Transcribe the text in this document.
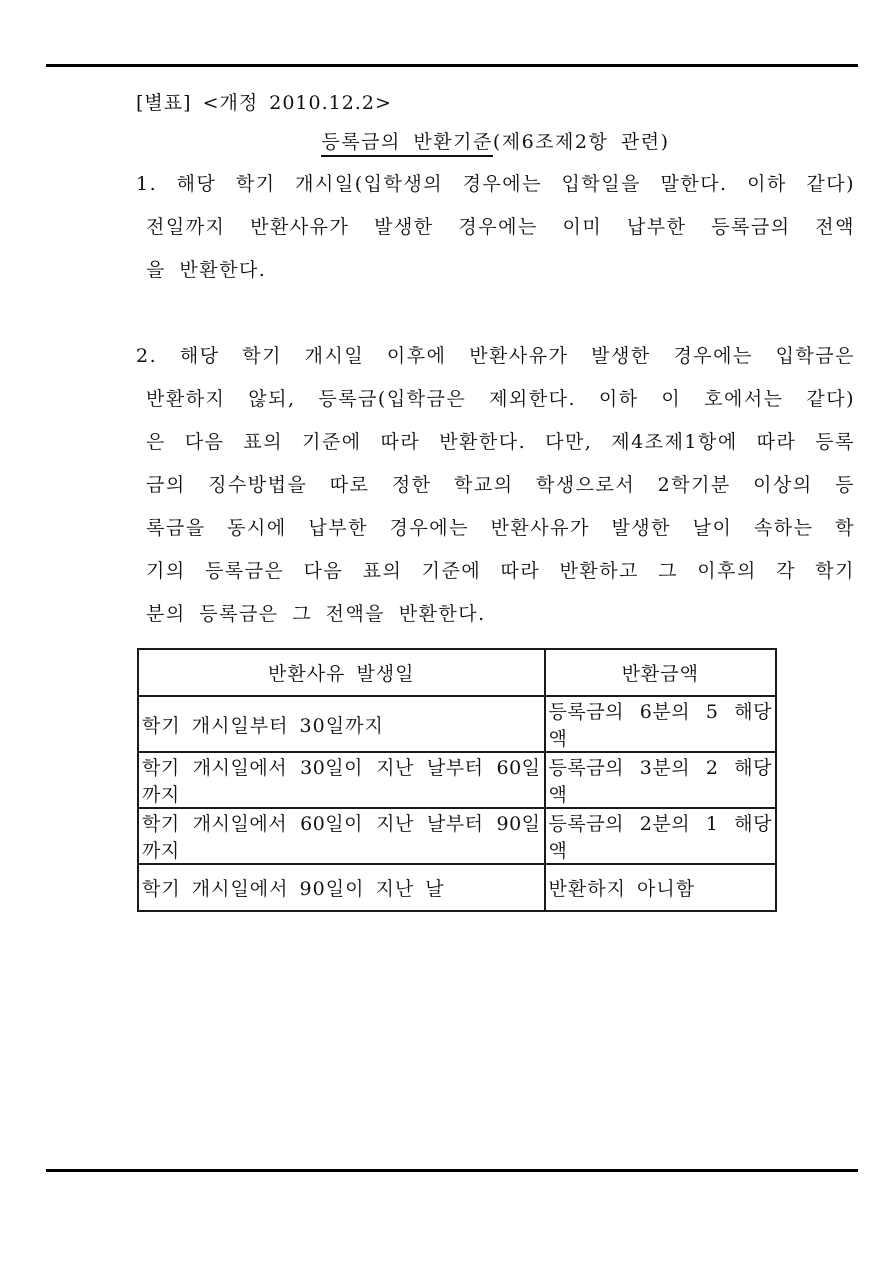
[별표] <개정 2010.12.2>
등록금의 반환기준(제6조제2항 관련)
1. 해당 학기 개시일(입학생의 경우에는 입학일을 말한다. 이하 같다)
전일까지 반환사유가 발생한 경우에는 이미 납부한 등록금의 전액
을 반환한다.
2. 해당 학기 개시일 이후에 반환사유가 발생한 경우에는 입학금은
반환하지 않되, 등록금(입학금은 제외한다. 이하 이 호에서는 같다)
은 다음 표의 기준에 따라 반환한다. 다만, 제4조제1항에 따라 등록
금의 징수방법을 따로 정한 학교의 학생으로서 2학기분 이상의 등
록금을 동시에 납부한 경우에는 반환사유가 발생한 날이 속하는 학
기의 등록금은 다음 표의 기준에 따라 반환하고 그 이후의 각 학기
분의 등록금은 그 전액을 반환한다.
반환사유 발생일	반환금액
학기 개시일부터 30일까지	등록금의 6분의 5 해당액
학기 개시일에서 30일이 지난 날부터 60일까지	등록금의 3분의 2 해당액
학기 개시일에서 60일이 지난 날부터 90일까지	등록금의 2분의 1 해당액
학기 개시일에서 90일이 지난 날	반환하지 아니함
